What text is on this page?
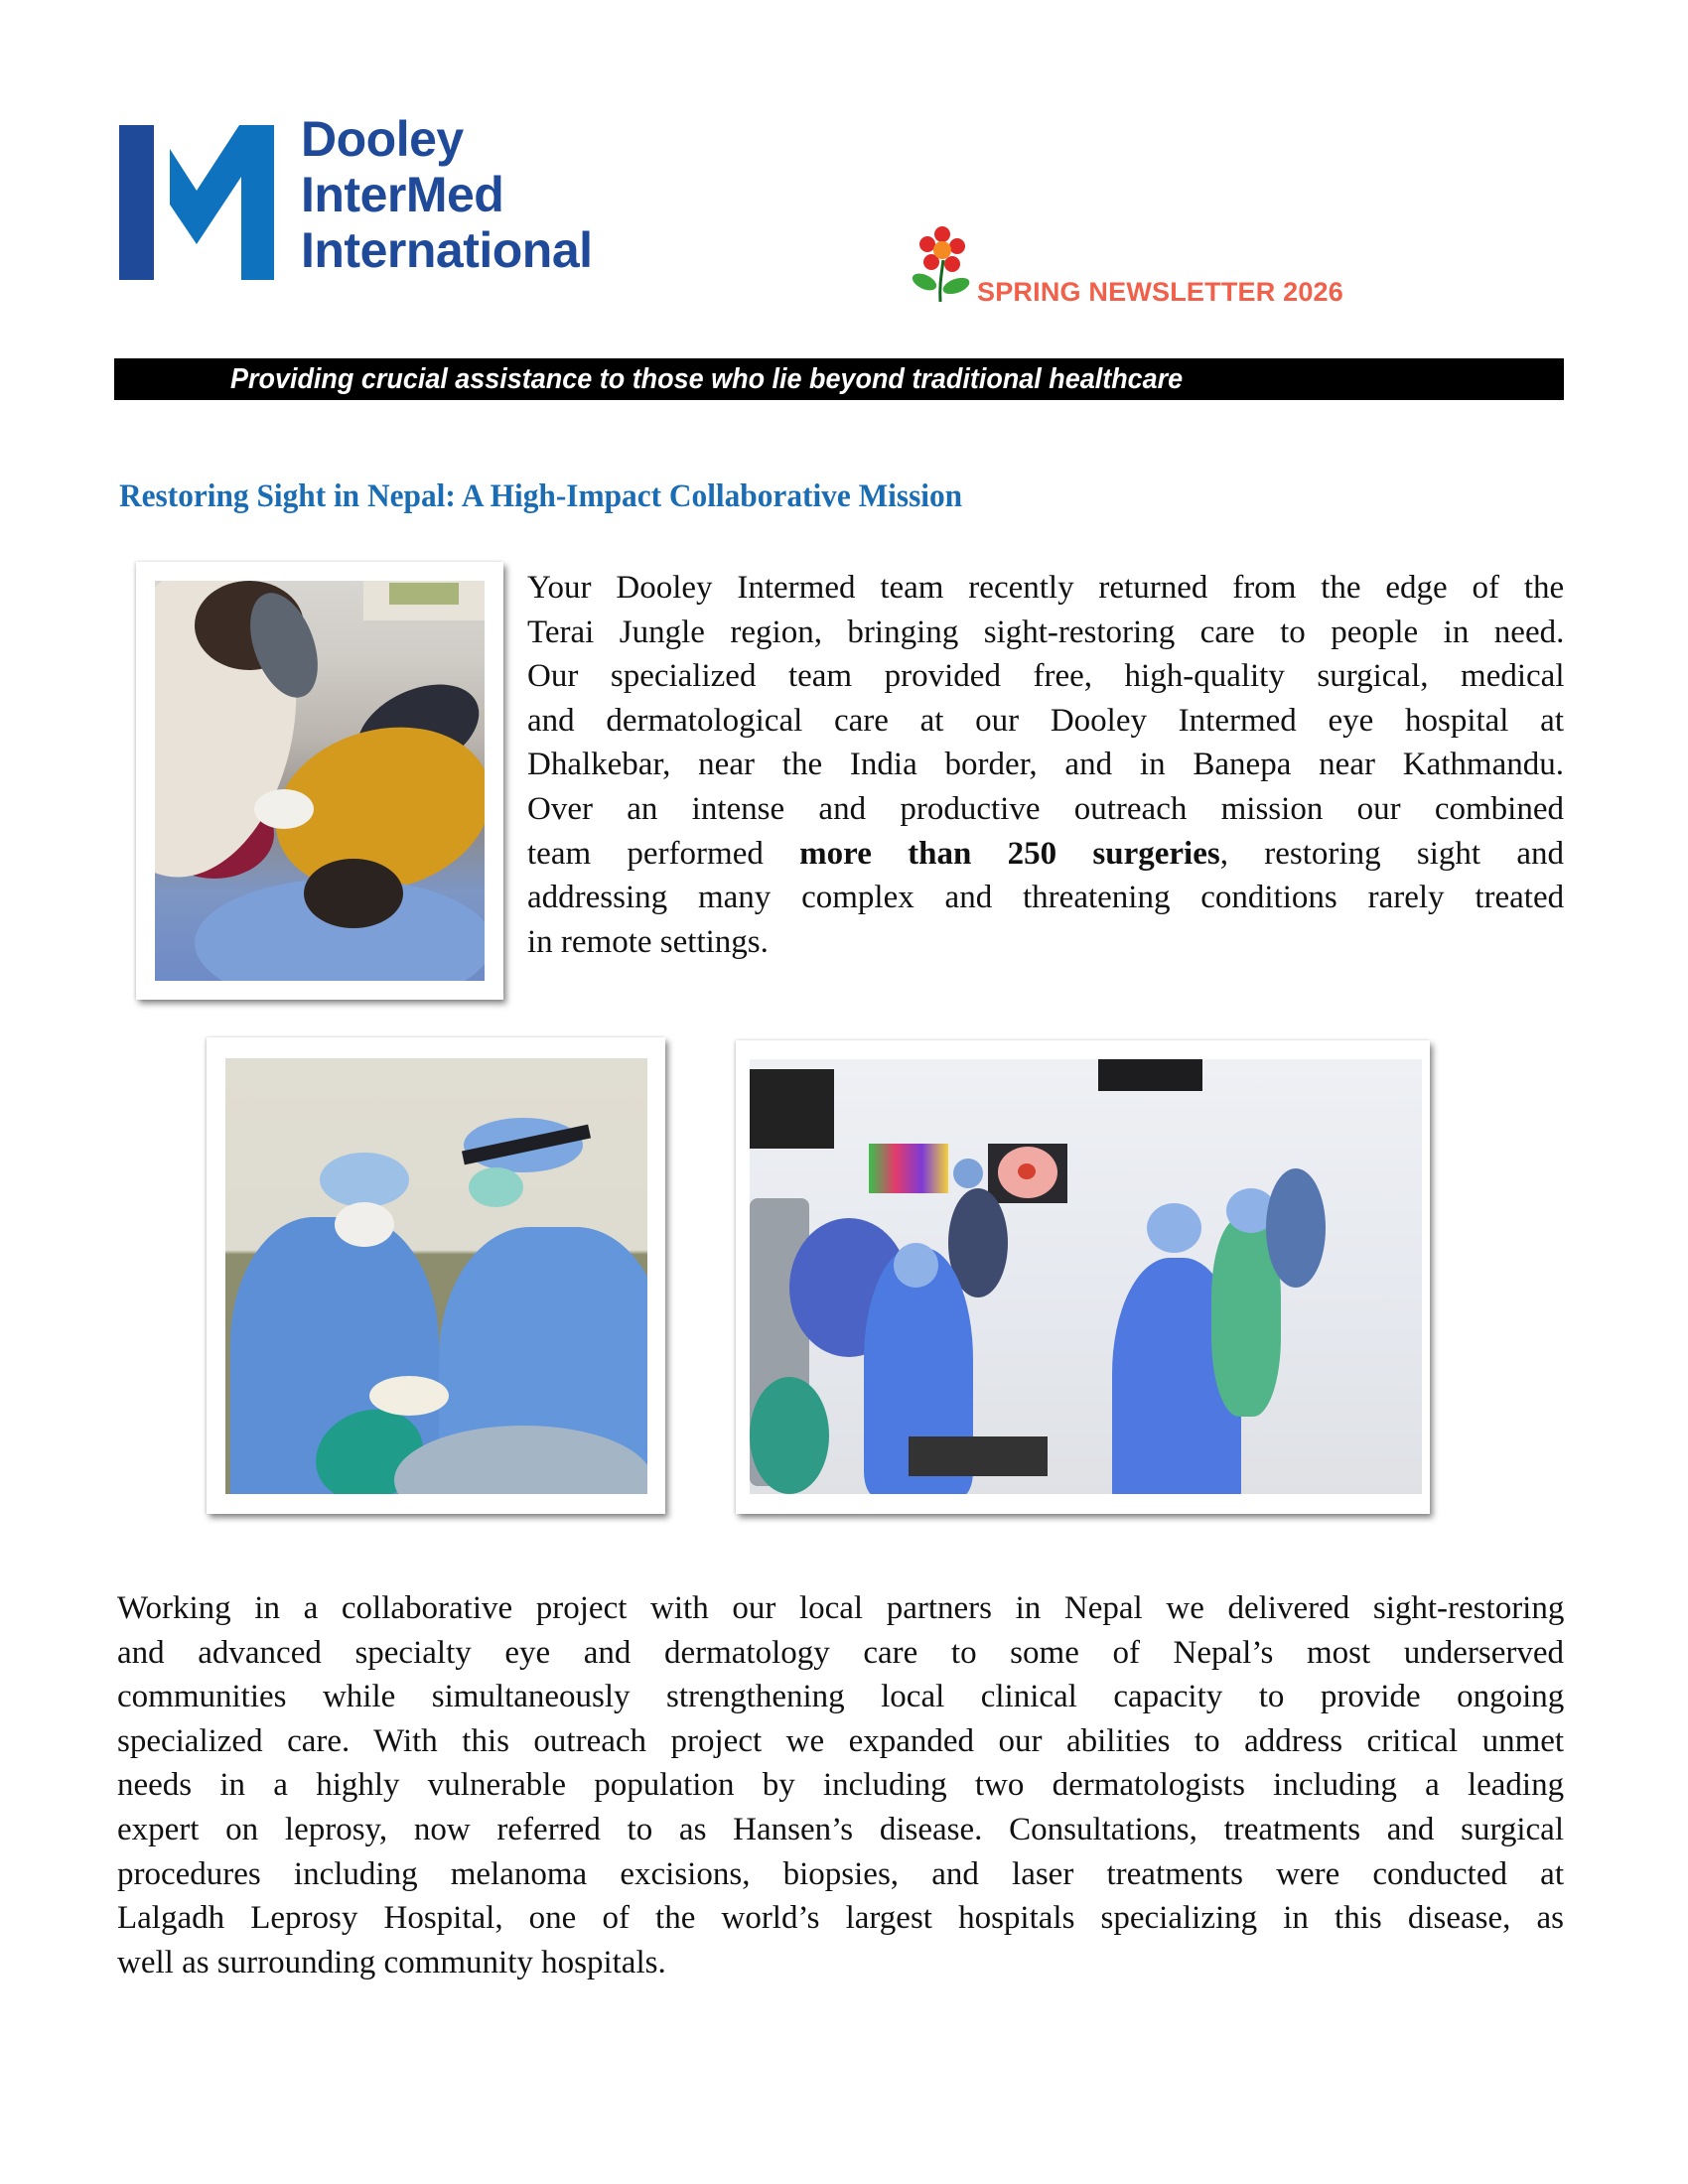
Dooley
InterMed
International
SPRING NEWSLETTER 2026
Providing crucial assistance to those who lie beyond traditional healthcare
Restoring Sight in Nepal: A High-Impact Collaborative Mission
Your Dooley Intermed team recently returned from the edge of the
Terai Jungle region, bringing sight-restoring care to people in need.
Our specialized team provided free, high-quality surgical, medical
and dermatological care at our Dooley Intermed eye hospital at
Dhalkebar, near the India border, and in Banepa near Kathmandu.
Over an intense and productive outreach mission our combined
team performed more than 250 surgeries, restoring sight and
addressing many complex and threatening conditions rarely treated
in remote settings.
Working in a collaborative project with our local partners in Nepal we delivered sight-restoring
and advanced specialty eye and dermatology care to some of Nepal’s most underserved
communities while simultaneously strengthening local clinical capacity to provide ongoing
specialized care. With this outreach project we expanded our abilities to address critical unmet
needs in a highly vulnerable population by including two dermatologists including a leading
expert on leprosy, now referred to as Hansen’s disease. Consultations, treatments and surgical
procedures including melanoma excisions, biopsies, and laser treatments were conducted at
Lalgadh Leprosy Hospital, one of the world’s largest hospitals specializing in this disease, as
well as surrounding community hospitals.
